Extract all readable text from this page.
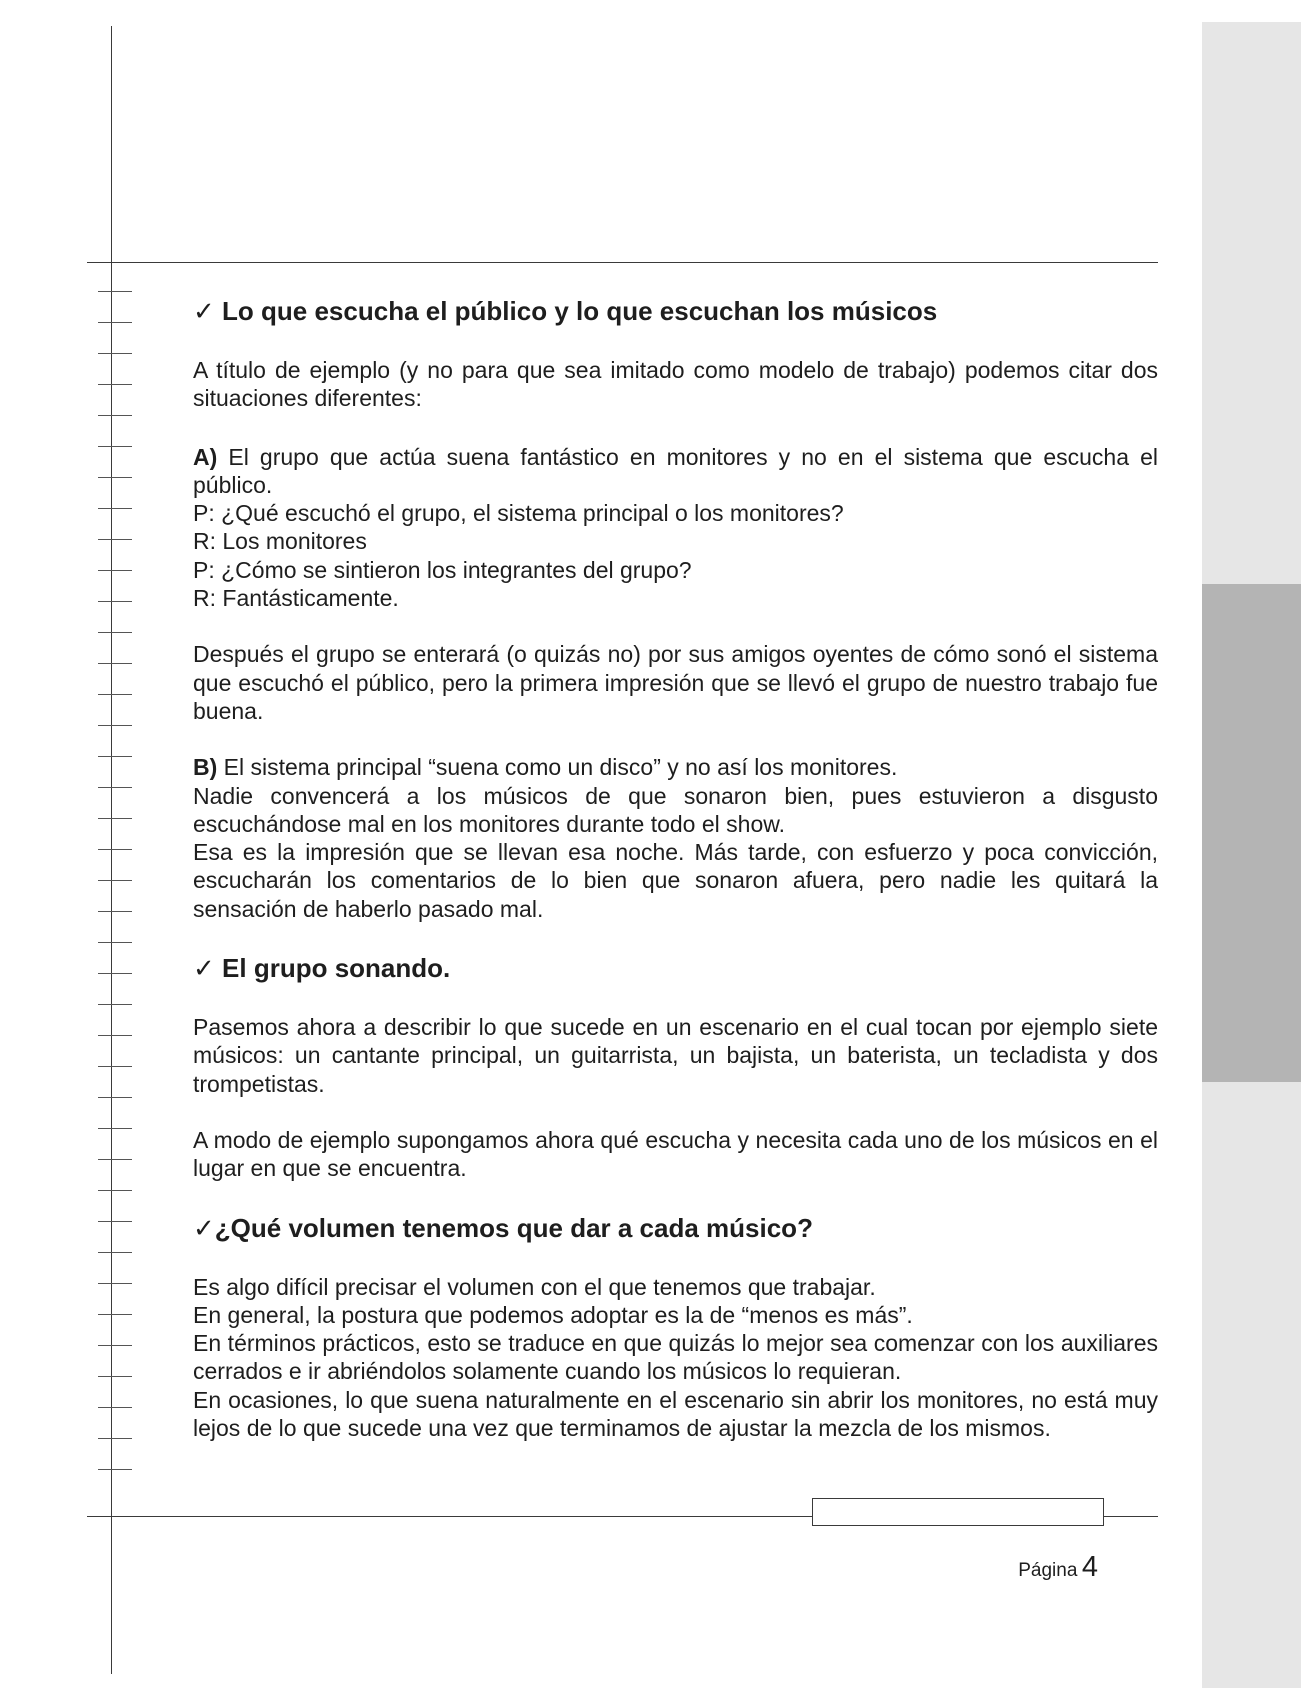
✓ Lo que escucha el público y lo que escuchan los músicos

A título de ejemplo (y no para que sea imitado como modelo de trabajo) podemos citar dos situaciones diferentes:

A) El grupo que actúa suena fantástico en monitores y no en el sistema que escucha el público.

P: ¿Qué escuchó el grupo, el sistema principal o los monitores?

R: Los monitores

P: ¿Cómo se sintieron los integrantes del grupo?

R: Fantásticamente.

Después el grupo se enterará (o quizás no) por sus amigos oyentes de cómo sonó el sistema que escuchó el público, pero la primera impresión que se llevó el grupo de nuestro trabajo fue buena.

B) El sistema principal “suena como un disco” y no así los monitores.

Nadie convencerá a los músicos de que sonaron bien, pues estuvieron a disgusto escuchándose mal en los monitores durante todo el show.

Esa es la impresión que se llevan esa noche. Más tarde, con esfuerzo y poca convicción, escucharán los comentarios de lo bien que sonaron afuera, pero nadie les quitará la sensación de haberlo pasado mal.

✓ El grupo sonando.

Pasemos ahora a describir lo que sucede en un escenario en el cual tocan por ejemplo siete músicos: un cantante principal, un guitarrista, un bajista, un baterista, un tecladista y dos trompetistas.

A modo de ejemplo supongamos ahora qué escucha y necesita cada uno de los músicos en el lugar en que se encuentra.

✓¿Qué volumen tenemos que dar a cada músico?

Es algo difícil precisar el volumen con el que tenemos que trabajar.

En general, la postura que podemos adoptar es la de “menos es más”.

En términos prácticos, esto se traduce en que quizás lo mejor sea comenzar con los auxiliares cerrados e ir abriéndolos solamente cuando los músicos lo requieran.

En ocasiones, lo que suena naturalmente en el escenario sin abrir los monitores, no está muy lejos de lo que sucede una vez que terminamos de ajustar la mezcla de los mismos.

Página 4
